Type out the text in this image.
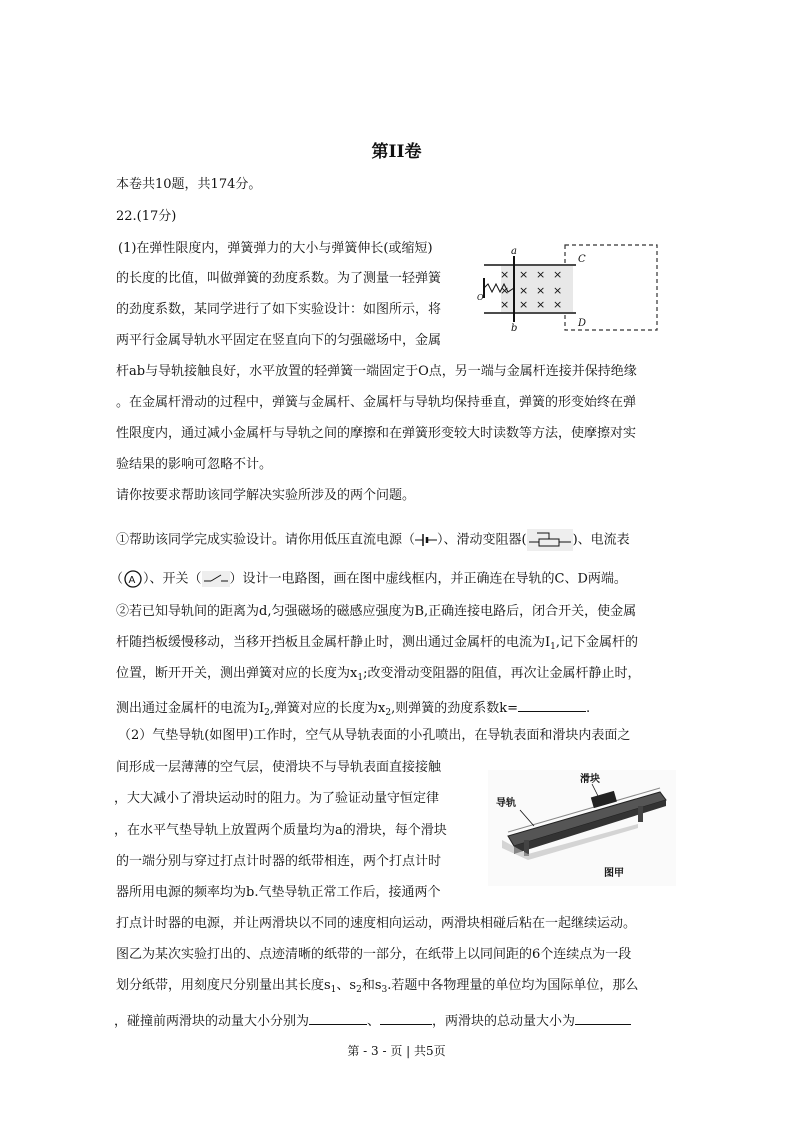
第II卷
本卷共10题，共174分。
22.(17分)
(1)在弹性限度内，弹簧弹力的大小与弹簧伸长(或缩短)
的长度的比值，叫做弹簧的劲度系数。为了测量一轻弹簧
的劲度系数，某同学进行了如下实验设计：如图所示，将
两平行金属导轨水平固定在竖直向下的匀强磁场中，金属
杆ab与导轨接触良好，水平放置的轻弹簧一端固定于O点，另一端与金属杆连接并保持绝缘
。在金属杆滑动的过程中，弹簧与金属杆、金属杆与导轨均保持垂直，弹簧的形变始终在弹
性限度内，通过减小金属杆与导轨之间的摩擦和在弹簧形变较大时读数等方法，使摩擦对实
验结果的影响可忽略不计。
请你按要求帮助该同学解决实验所涉及的两个问题。
×
×
×
×
×
×
×
×
×
×
×
×
a
b
C
D
O
①帮助该同学完成实验设计。请你用低压直流电源（ ）、滑动变阻器(	)、电流表
（ A ）、开关（ ）设计一电路图，画在图中虚线框内，并正确连在导轨的C、D两端。
②若已知导轨间的距离为d,匀强磁场的磁感应强度为B,正确连接电路后，闭合开关，使金属
杆随挡板缓慢移动，当移开挡板且金属杆静止时，测出通过金属杆的电流为$I_1$,记下金属杆的
位置，断开开关，测出弹簧对应的长度为$x_1$;改变滑动变阻器的阻值，再次让金属杆静止时，
测出通过金属杆的电流为$I_2$,弹簧对应的长度为$x_2$,则弹簧的劲度系数k=	.
（2）气垫导轨(如图甲)工作时，空气从导轨表面的小孔喷出，在导轨表面和滑块内表面之
间形成一层薄薄的空气层，使滑块不与导轨表面直接接触
，大大减小了滑块运动时的阻力。为了验证动量守恒定律
，在水平气垫导轨上放置两个质量均为a的滑块，每个滑块
的一端分别与穿过打点计时器的纸带相连，两个打点计时
器所用电源的频率均为b.气垫导轨正常工作后，接通两个
打点计时器的电源，并让两滑块以不同的速度相向运动，两滑块相碰后粘在一起继续运动。
图乙为某次实验打出的、点迹清晰的纸带的一部分，在纸带上以同间距的6个连续点为一段
划分纸带，用刻度尺分别量出其长度$s_1$、$s_2$和$s_3$.若题中各物理量的单位均为国际单位，那么
，碰撞前两滑块的动量大小分别为	、	，两滑块的总动量大小为
滑块
导轨
图甲
第 - 3 - 页 | 共5页
